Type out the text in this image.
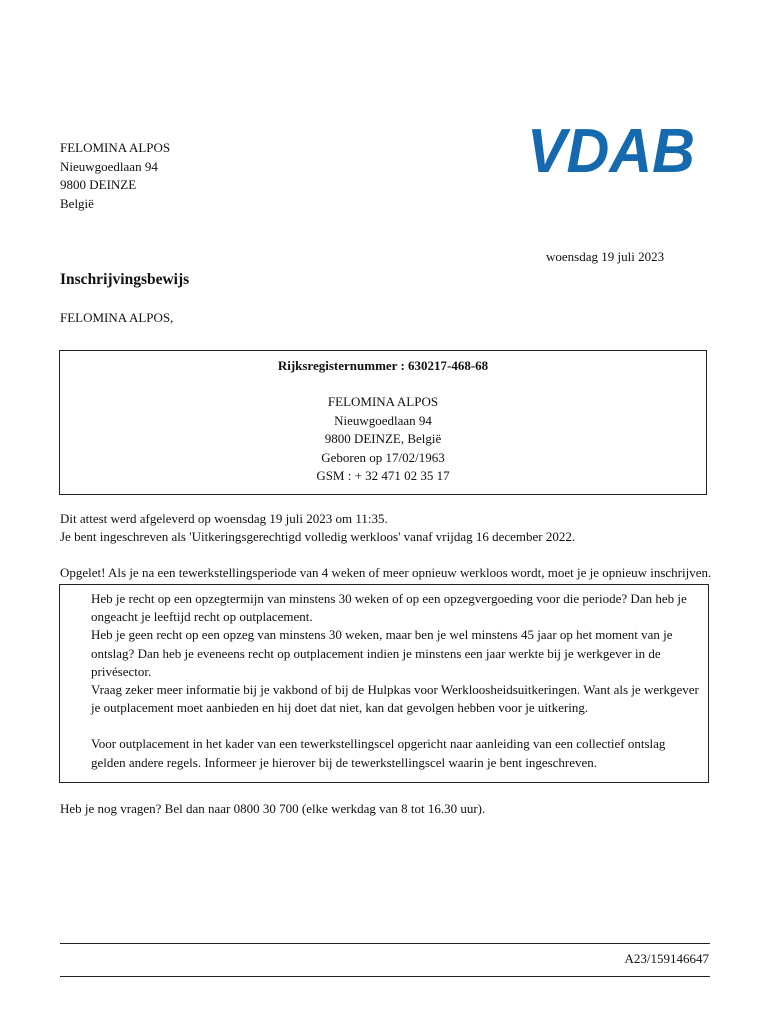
FELOMINA ALPOS
Nieuwgoedlaan 94
9800 DEINZE
België
VDAB
woensdag 19 juli 2023
Inschrijvingsbewijs
FELOMINA ALPOS,
Rijksregisternummer : 630217-468-68
FELOMINA ALPOS
Nieuwgoedlaan 94
9800 DEINZE, België
Geboren op 17/02/1963
GSM : + 32 471 02 35 17
Dit attest werd afgeleverd op woensdag 19 juli 2023 om 11:35.
Je bent ingeschreven als 'Uitkeringsgerechtigd volledig werkloos' vanaf vrijdag 16 december 2022.
Opgelet! Als je na een tewerkstellingsperiode van 4 weken of meer opnieuw werkloos wordt, moet je je opnieuw inschrijven.

Heb je recht op een opzegtermijn van minstens 30 weken of op een opzegvergoeding voor die periode? Dan heb je ongeacht je leeftijd recht op outplacement.

Heb je geen recht op een opzeg van minstens 30 weken, maar ben je wel minstens 45 jaar op het moment van je ontslag? Dan heb je eveneens recht op outplacement indien je minstens een jaar werkte bij je werkgever in de privésector.

Vraag zeker meer informatie bij je vakbond of bij de Hulpkas voor Werkloosheidsuitkeringen. Want als je werkgever je outplacement moet aanbieden en hij doet dat niet, kan dat gevolgen hebben voor je uitkering.

Voor outplacement in het kader van een tewerkstellingscel opgericht naar aanleiding van een collectief ontslag gelden andere regels. Informeer je hierover bij de tewerkstellingscel waarin je bent ingeschreven.

Heb je nog vragen? Bel dan naar 0800 30 700 (elke werkdag van 8 tot 16.30 uur).
A23/159146647
